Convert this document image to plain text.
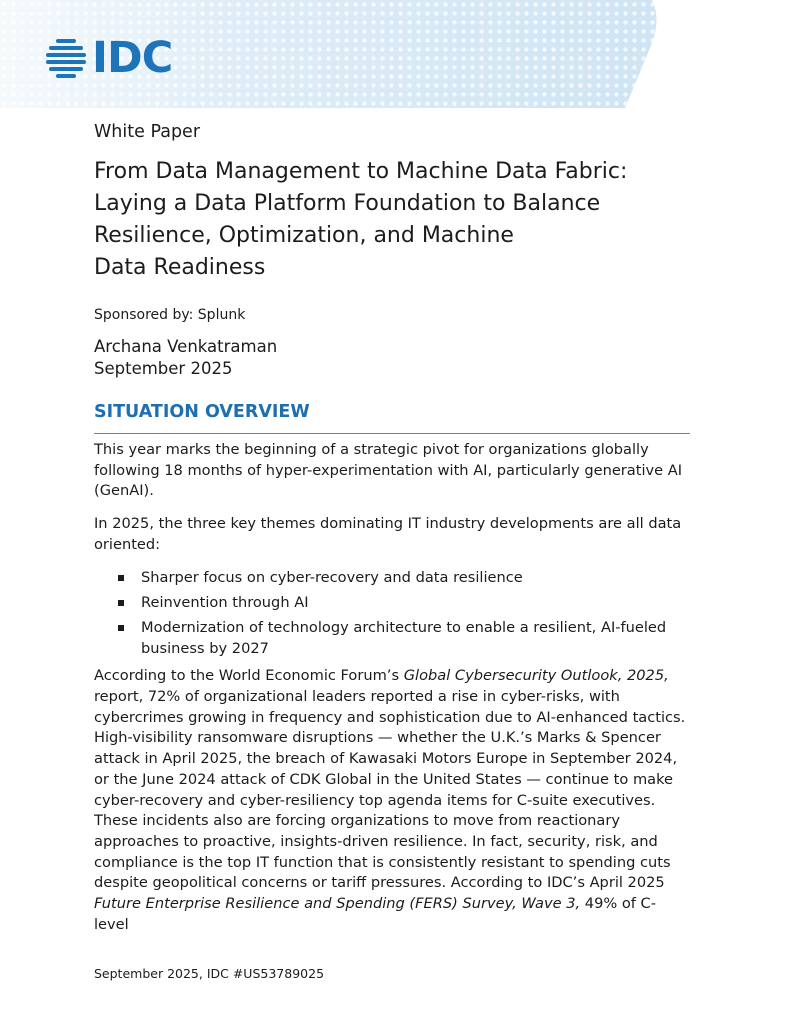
IDC
White Paper
From Data Management to Machine Data Fabric:
Laying a Data Platform Foundation to Balance
Resilience, Optimization, and Machine
Data Readiness
Sponsored by: Splunk
Archana Venkatraman
September 2025
SITUATION OVERVIEW

This year marks the beginning of a strategic pivot for organizations globally following 18 months of hyper-experimentation with AI, particularly generative AI (GenAI).

In 2025, the three key themes dominating IT industry developments are all data oriented:

Sharper focus on cyber-recovery and data resilience
Reinvention through AI
Modernization of technology architecture to enable a resilient, AI-fueled business by 2027

According to the World Economic Forum’s Global Cybersecurity Outlook, 2025, report, 72% of organizational leaders reported a rise in cyber-risks, with cybercrimes growing in frequency and sophistication due to AI-enhanced tactics. High-visibility ransomware disruptions — whether the U.K.’s Marks & Spencer attack in April 2025, the breach of Kawasaki Motors Europe in September 2024, or the June 2024 attack of CDK Global in the United States — continue to make cyber-recovery and cyber-resiliency top agenda items for C-suite executives. These incidents also are forcing organizations to move from reactionary approaches to proactive, insights-driven resilience. In fact, security, risk, and compliance is the top IT function that is consistently resistant to spending cuts despite geopolitical concerns or tariff pressures. According to IDC’s April 2025 Future Enterprise Resilience and Spending (FERS) Survey, Wave 3, 49% of C-level

September 2025, IDC #US53789025
